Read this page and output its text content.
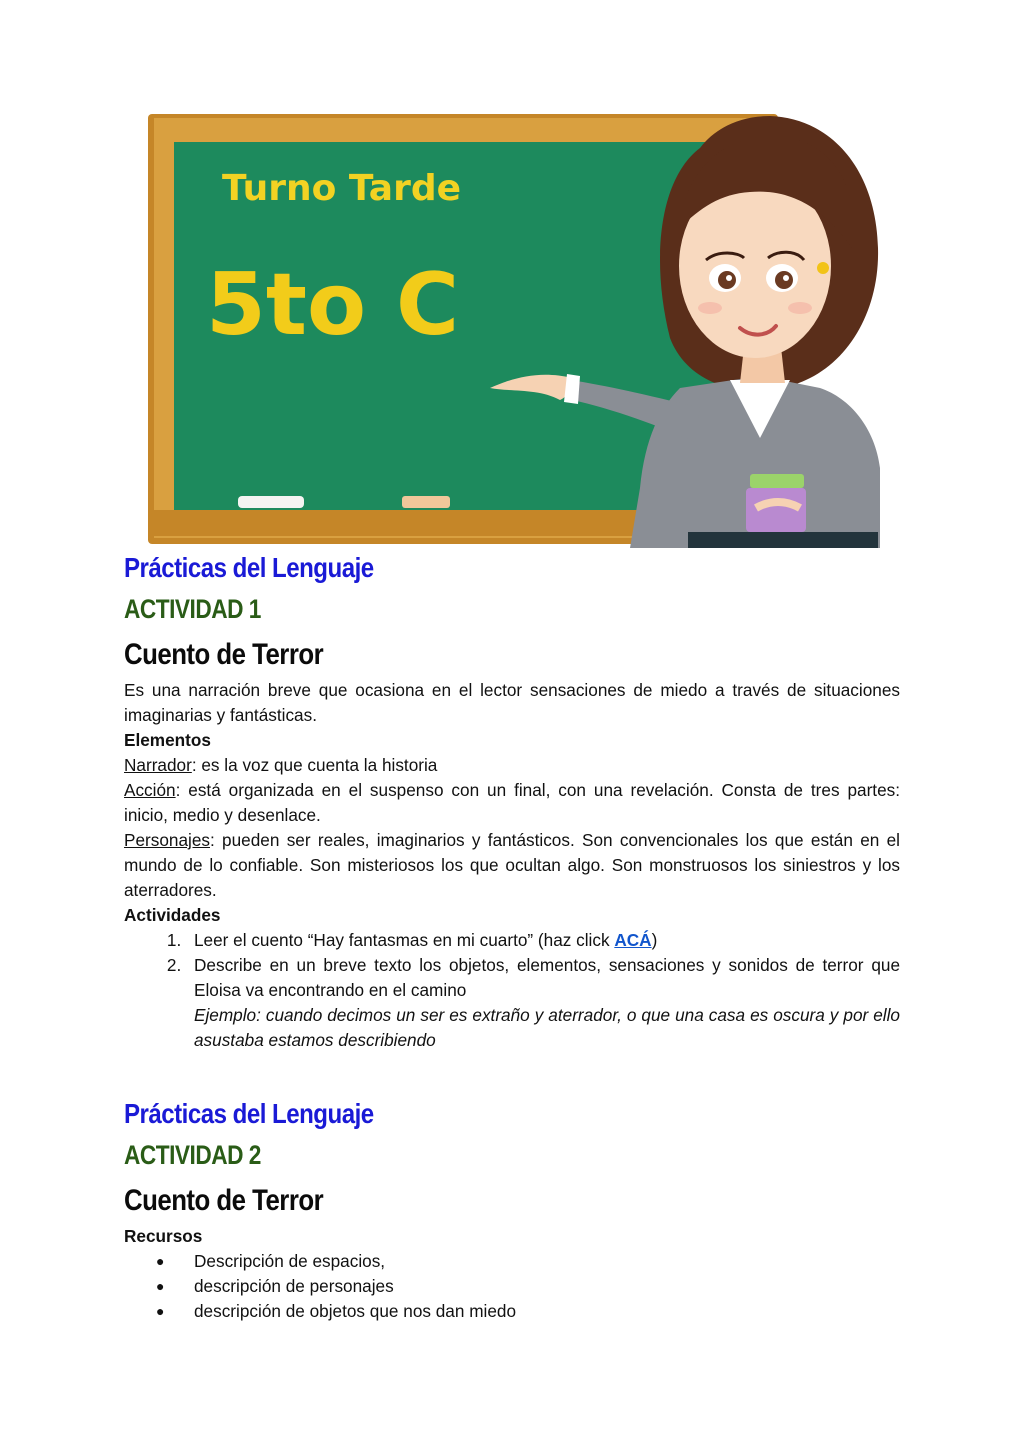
Turno Tarde
5to C
Prácticas del Lenguaje
ACTIVIDAD 1
Cuento de Terror

Es una narración breve que ocasiona en el lector sensaciones de miedo a través de situaciones imaginarias y fantásticas.

Elementos

Narrador: es la voz que cuenta la historia

Acción: está organizada en el suspenso con un final, con una revelación. Consta de tres partes: inicio, medio y desenlace.

Personajes: pueden ser reales, imaginarios y fantásticos. Son convencionales los que están en el mundo de lo confiable. Son misteriosos los que ocultan algo. Son monstruosos los siniestros y los aterradores.

Actividades

1. Leer el cuento “Hay fantasmas en mi cuarto” (haz click ACÁ)
2. Describe en un breve texto los objetos, elementos, sensaciones y sonidos de terror que Eloisa va encontrando en el camino
Ejemplo: cuando decimos un ser es extraño y aterrador, o que una casa es oscura y por ello asustaba estamos describiendo
Prácticas del Lenguaje
ACTIVIDAD 2
Cuento de Terror

Recursos

● Descripción de espacios,
● descripción de personajes
● descripción de objetos que nos dan miedo
